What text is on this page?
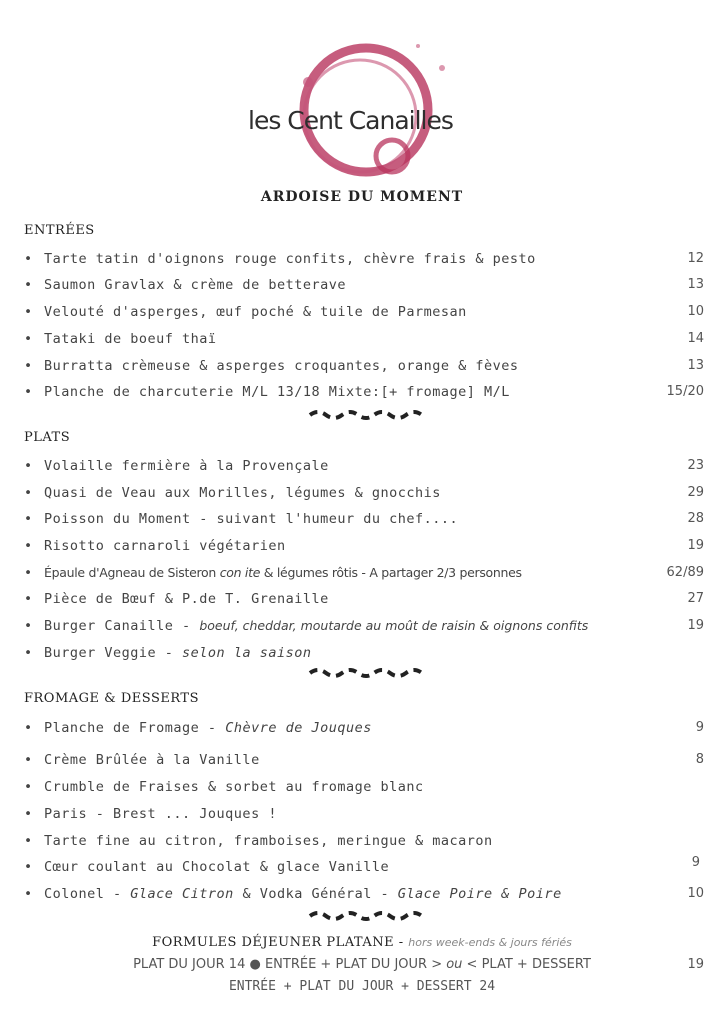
les Cent Canailles
ARDOISE DU MOMENT
ENTRÉES
• Tarte tatin d'oignons rouge confits, chèvre frais & pesto	12
• Saumon Gravlax & crème de betterave	13
• Velouté d'asperges, œuf poché & tuile de Parmesan	10
• Tataki de boeuf thaï	14
• Burratta crèmeuse & asperges croquantes, orange & fèves	13
• Planche de charcuterie M/L 13/18 Mixte:[+ fromage] M/L	15/20
PLATS
• Volaille fermière à la Provençale	23
• Quasi de Veau aux Morilles, légumes & gnocchis	29
• Poisson du Moment - suivant l'humeur du chef....	28
• Risotto carnaroli végétarien	19
• Épaule d'Agneau de Sisteron con ite & légumes rôtis - A partager 2/3 personnes	62/89
• Pièce de Bœuf & P.de T. Grenaille	27
• Burger Canaille - boeuf, cheddar, moutarde au moût de raisin & oignons confits	19
• Burger Veggie - selon la saison
FROMAGE & DESSERTS
• Planche de Fromage - Chèvre de Jouques	9
• Crème Brûlée à la Vanille	8
• Crumble de Fraises & sorbet au fromage blanc
• Paris - Brest ... Jouques !
• Tarte fine au citron, framboises, meringue & macaron
• Cœur coulant au Chocolat & glace Vanille	9
• Colonel - Glace Citron & Vodka Général - Glace Poire & Poire	10
FORMULES DÉJEUNER PLATANE - hors week-ends & jours fériés
PLAT DU JOUR 14 ● ENTRÉE + PLAT DU JOUR > ou < PLAT + DESSERT	19
ENTRÉE + PLAT DU JOUR + DESSERT 24
